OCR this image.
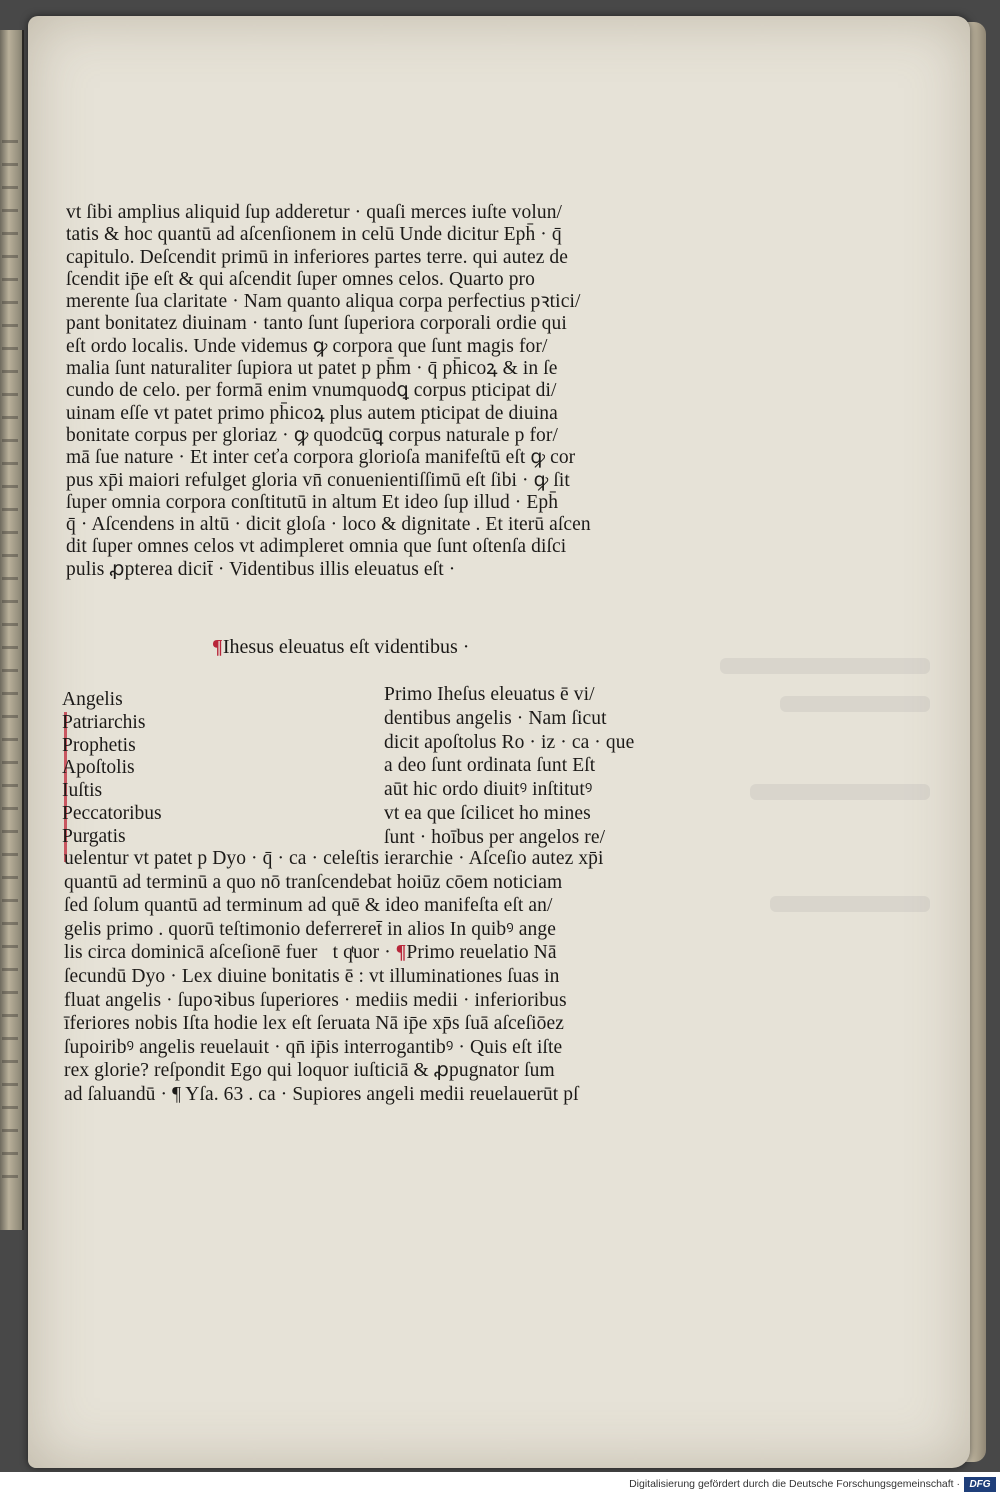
vt ſibi amplius aliquid ſup adderetur · quaſi merces iuſte volun/
tatis & hoc quantū ad aſcenſionem in celū Unde dicitur Eph̄ · q̄
capitulo. Deſcendit primū in inferiores partes terre. qui autez de
ſcendit ip̄e eſt & qui aſcendit ſuper omnes celos. Quarto pro
merente ſua claritate · Nam quanto aliqua corpa perfectius pꝛtici/
pant bonitatez diuinam · tanto ſunt ſuperiora corporali ordie qui
eſt ordo localis. Unde videmus ꝙ corpora que ſunt magis for/
malia ſunt naturaliter ſupiora ut patet p ph̄m · q̄ ph̄icoꝝ & in ſe
cundo de celo. per formā enim vnumquodꝗ corpus pticipat di/
uinam eſſe vt patet primo ph̄icoꝝ plus autem pticipat de diuina
bonitate corpus per gloriaz · ꝙ quodcūꝗ corpus naturale p for/
mā ſue nature · Et inter ceťa corpora glorioſa manifeſtū eſt ꝙ cor
pus xp̄i maiori refulget gloria vn̄ conuenientiſſimū eſt ſibi · ꝙ ſit
ſuper omnia corpora conſtitutū in altum Et ideo ſup illud · Eph̄
q̄ · Aſcendens in altū · dicit gloſa · loco & dignitate . Et iterū aſcen
dit ſuper omnes celos vt adimpleret omnia que ſunt oſtenſa diſci
pulis ꝓpterea dicit̄ · Videntibus illis eleuatus eſt ·
¶Ihesus eleuatus eſt videntibus ·
Angelis
Patriarchis
Prophetis
Apoſtolis
Iuſtis
Peccatoribus
Purgatis
Primo Iheſus eleuatus ē vi/
dentibus angelis · Nam ſicut
dicit apoſtolus Ro · iz · ca · que
a deo ſunt ordinata ſunt Eſt
aūt hic ordo diuitꝰ inſtitutꝰ
vt ea que ſcilicet ho mines
ſunt · hoībus per angelos re/
uelentur vt patet p Dyo · q̄ · ca · celeſtis ierarchie · Aſceſio autez xp̄i
quantū ad terminū a quo nō tranſcendebat hoiūz cōem noticiam
ſed ſolum quantū ad terminum ad quē & ideo manifeſta eſt an/
gelis primo . quorū teſtimonio deferreret̄ in alios In quibꝰ ange
lis circa dominicā aſceſionē fuerᷣt qͭuor · ¶Primo reuelatio Nā
ſecundū Dyo · Lex diuine bonitatis ē : vt illuminationes ſuas in
fluat angelis · ſupoꝛibus ſuperiores · mediis medii · inferioribus
īferiores nobis Iſta hodie lex eſt ſeruata Nā ip̄e xp̄s ſuā aſceſiōez
ſupoiribꝰ angelis reuelauit · qn̄ ip̄is interrogantibꝰ · Quis eſt iſte
rex glorie? reſpondit Ego qui loquor iuſticiā & ꝓpugnator ſum
ad ſaluandū · ¶ Yſa. 63 . ca · Supiores angeli medii reuelauerūt pſ
Digitalisierung gefördert durch die Deutsche Forschungsgemeinschaft · DFG
